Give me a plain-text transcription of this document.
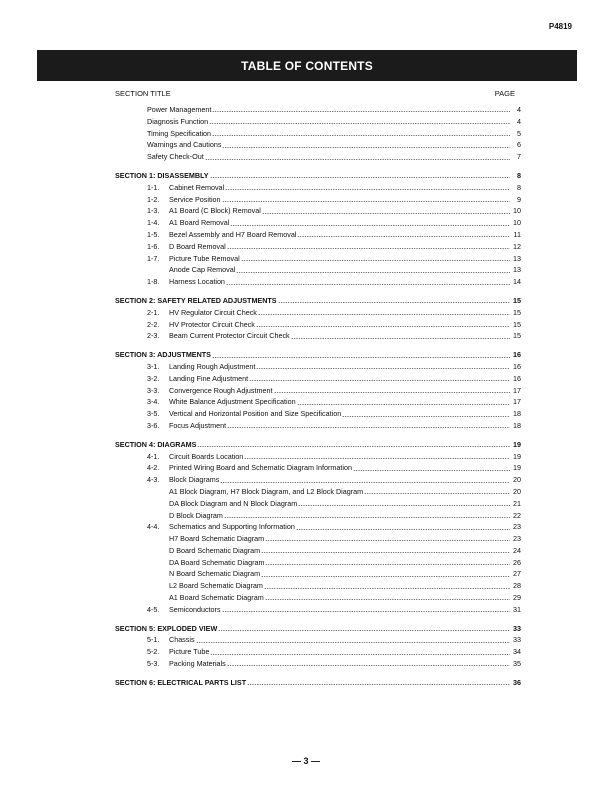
P4819
TABLE OF CONTENTS
SECTION TITLE	PAGE
Power Management	4
Diagnosis Function	4
Timing Specification	5
Warnings and Cautions	6
Safety Check-Out	7
SECTION 1: DISASSEMBLY	8
1-1.	Cabinet Removal	8
1-2.	Service Position	9
1-3.	A1 Board (C Block) Removal	10
1-4.	A1 Board Removal	10
1-5.	Bezel Assembly and H7 Board Removal	11
1-6.	D Board Removal	12
1-7.	Picture Tube Removal	13
Anode Cap Removal	13
1-8.	Harness Location	14
SECTION 2: SAFETY RELATED ADJUSTMENTS	15
2-1.	HV Regulator Circuit Check	15
2-2.	HV Protector Circuit Check	15
2-3.	Beam Current Protector Circuit Check	15
SECTION 3: ADJUSTMENTS	16
3-1.	Landing Rough Adjustment	16
3-2.	Landing Fine Adjustment	16
3-3.	Convergence Rough Adjustment	17
3-4.	White Balance Adjustment Specification	17
3-5.	Vertical and Horizontal Position and Size Specification	18
3-6.	Focus Adjustment	18
SECTION 4: DIAGRAMS	19
4-1.	Circuit Boards Location	19
4-2.	Printed Wiring Board and Schematic Diagram Information	19
4-3.	Block Diagrams	20
A1 Block Diagram, H7 Block Diagram, and L2 Block Diagram	20
DA Block Diagram and N Block Diagram	21
D Block Diagram	22
4-4.	Schematics and Supporting Information	23
H7 Board Schematic Diagram	23
D Board Schematic Diagram	24
DA Board Schematic Diagram	26
N Board Schematic Diagram	27
L2 Board Schematic Diagram	28
A1 Board Schematic Diagram	29
4-5.	Semiconductors	31
SECTION 5: EXPLODED VIEW	33
5-1.	Chassis	33
5-2.	Picture Tube	34
5-3.	Packing Materials	35
SECTION 6: ELECTRICAL PARTS LIST	36
— 3 —
